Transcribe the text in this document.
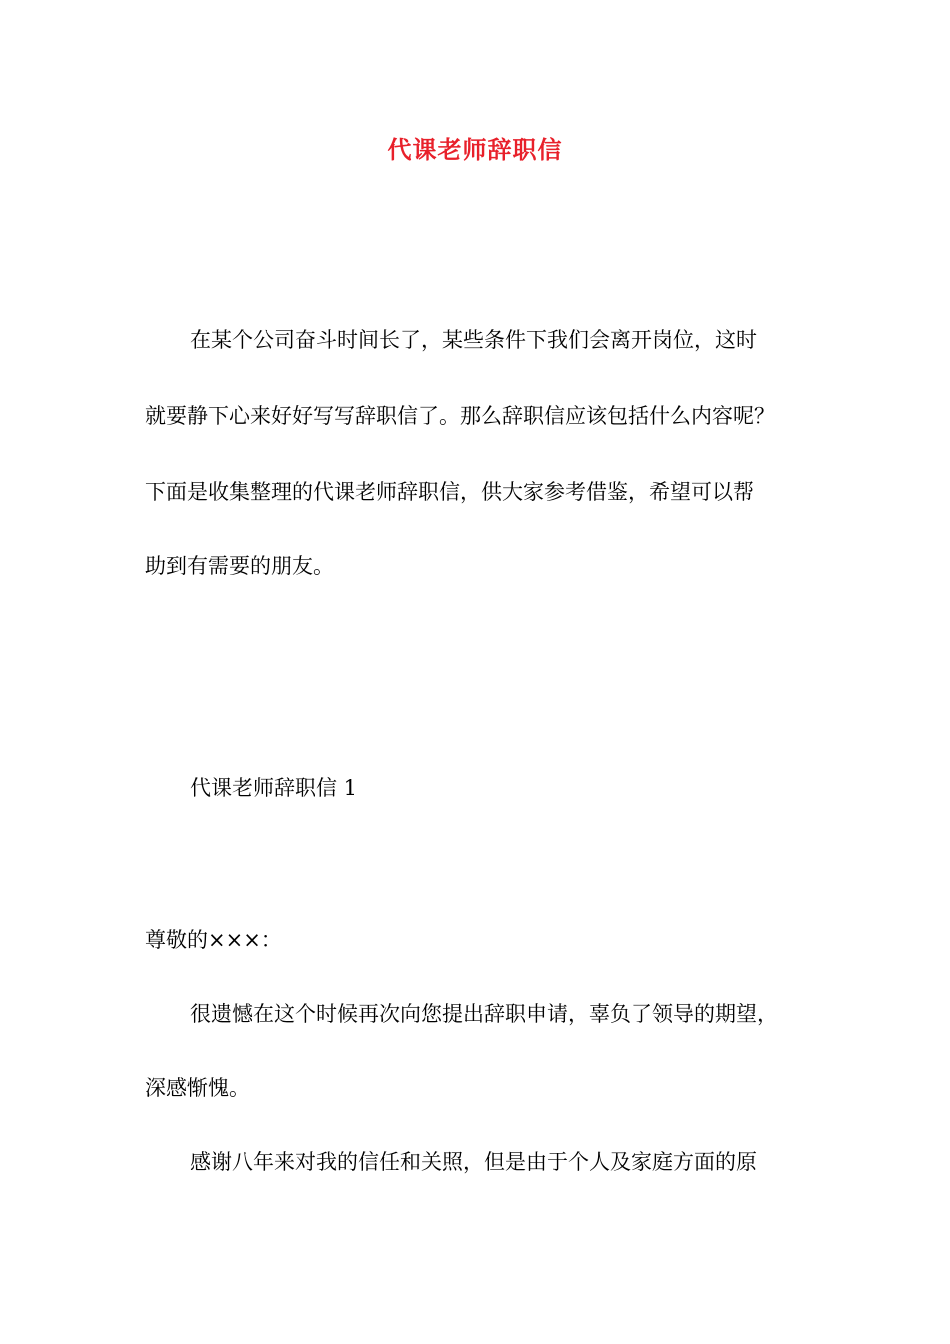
代课老师辞职信
在某个公司奋斗时间长了，某些条件下我们会离开岗位，这时
就要静下心来好好写写辞职信了。那么辞职信应该包括什么内容呢？
下面是收集整理的代课老师辞职信，供大家参考借鉴，希望可以帮
助到有需要的朋友。
代课老师辞职信 1
尊敬的×××：
很遗憾在这个时候再次向您提出辞职申请，辜负了领导的期望，
深感惭愧。
感谢八年来对我的信任和关照，但是由于个人及家庭方面的原
